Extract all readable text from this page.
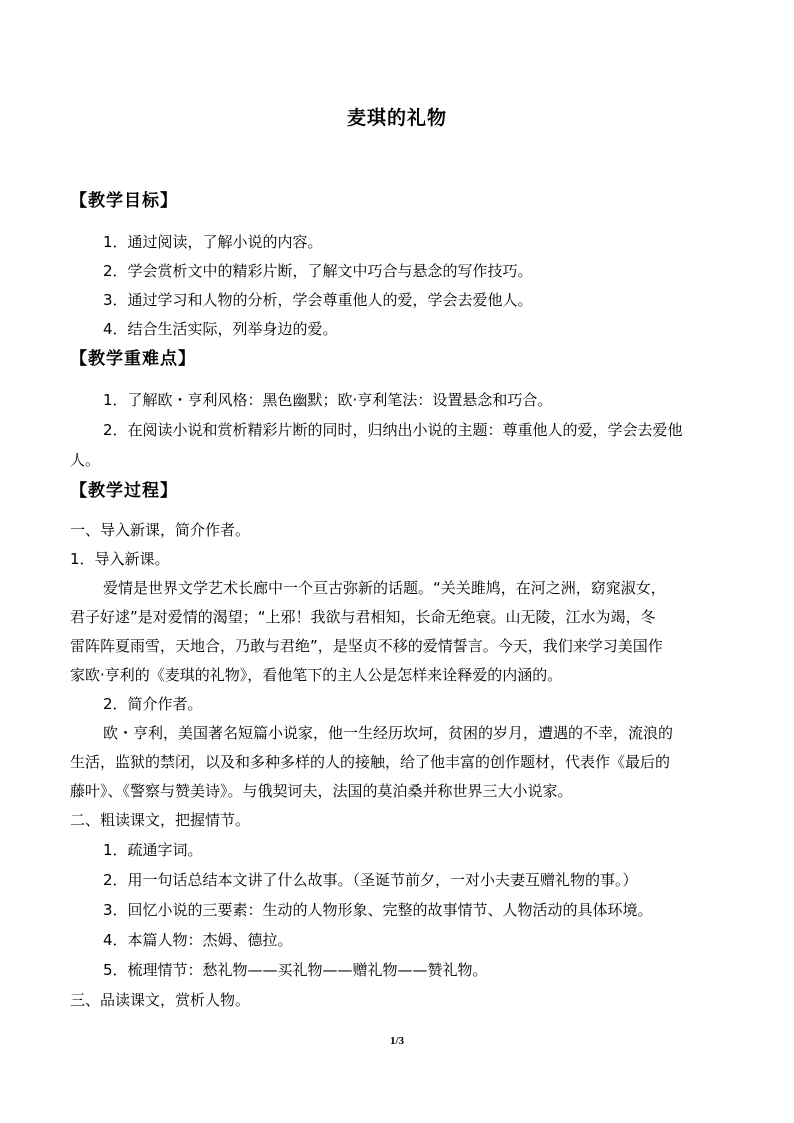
麦琪的礼物
【教学目标】
1．通过阅读，了解小说的内容。
2．学会赏析文中的精彩片断，了解文中巧合与悬念的写作技巧。
3．通过学习和人物的分析，学会尊重他人的爱，学会去爱他人。
4．结合生活实际，列举身边的爱。
【教学重难点】
1．了解欧・亨利风格：黑色幽默；欧·亨利笔法：设置悬念和巧合。
2．在阅读小说和赏析精彩片断的同时，归纳出小说的主题：尊重他人的爱，学会去爱他
人。
【教学过程】
一、导入新课，简介作者。
1．导入新课。
爱情是世界文学艺术长廊中一个亘古弥新的话题。“关关雎鸠，在河之洲，窈窕淑女，
君子好逑”是对爱情的渴望；“上邪！我欲与君相知，长命无绝衰。山无陵，江水为竭，冬
雷阵阵夏雨雪，天地合，乃敢与君绝”，是坚贞不移的爱情誓言。今天，我们来学习美国作
家欧·亨利的《麦琪的礼物》，看他笔下的主人公是怎样来诠释爱的内涵的。
2．简介作者。
欧・亨利，美国著名短篇小说家，他一生经历坎坷，贫困的岁月，遭遇的不幸，流浪的
生活，监狱的禁闭，以及和多种多样的人的接触，给了他丰富的创作题材，代表作《最后的
藤叶》、《警察与赞美诗》。与俄契诃夫，法国的莫泊桑并称世界三大小说家。
二、粗读课文，把握情节。
1．疏通字词。
2．用一句话总结本文讲了什么故事。（圣诞节前夕，一对小夫妻互赠礼物的事。）
3．回忆小说的三要素：生动的人物形象、完整的故事情节、人物活动的具体环境。
4．本篇人物：杰姆、德拉。
5．梳理情节：愁礼物——买礼物——赠礼物——赞礼物。
三、品读课文，赏析人物。
1/3
